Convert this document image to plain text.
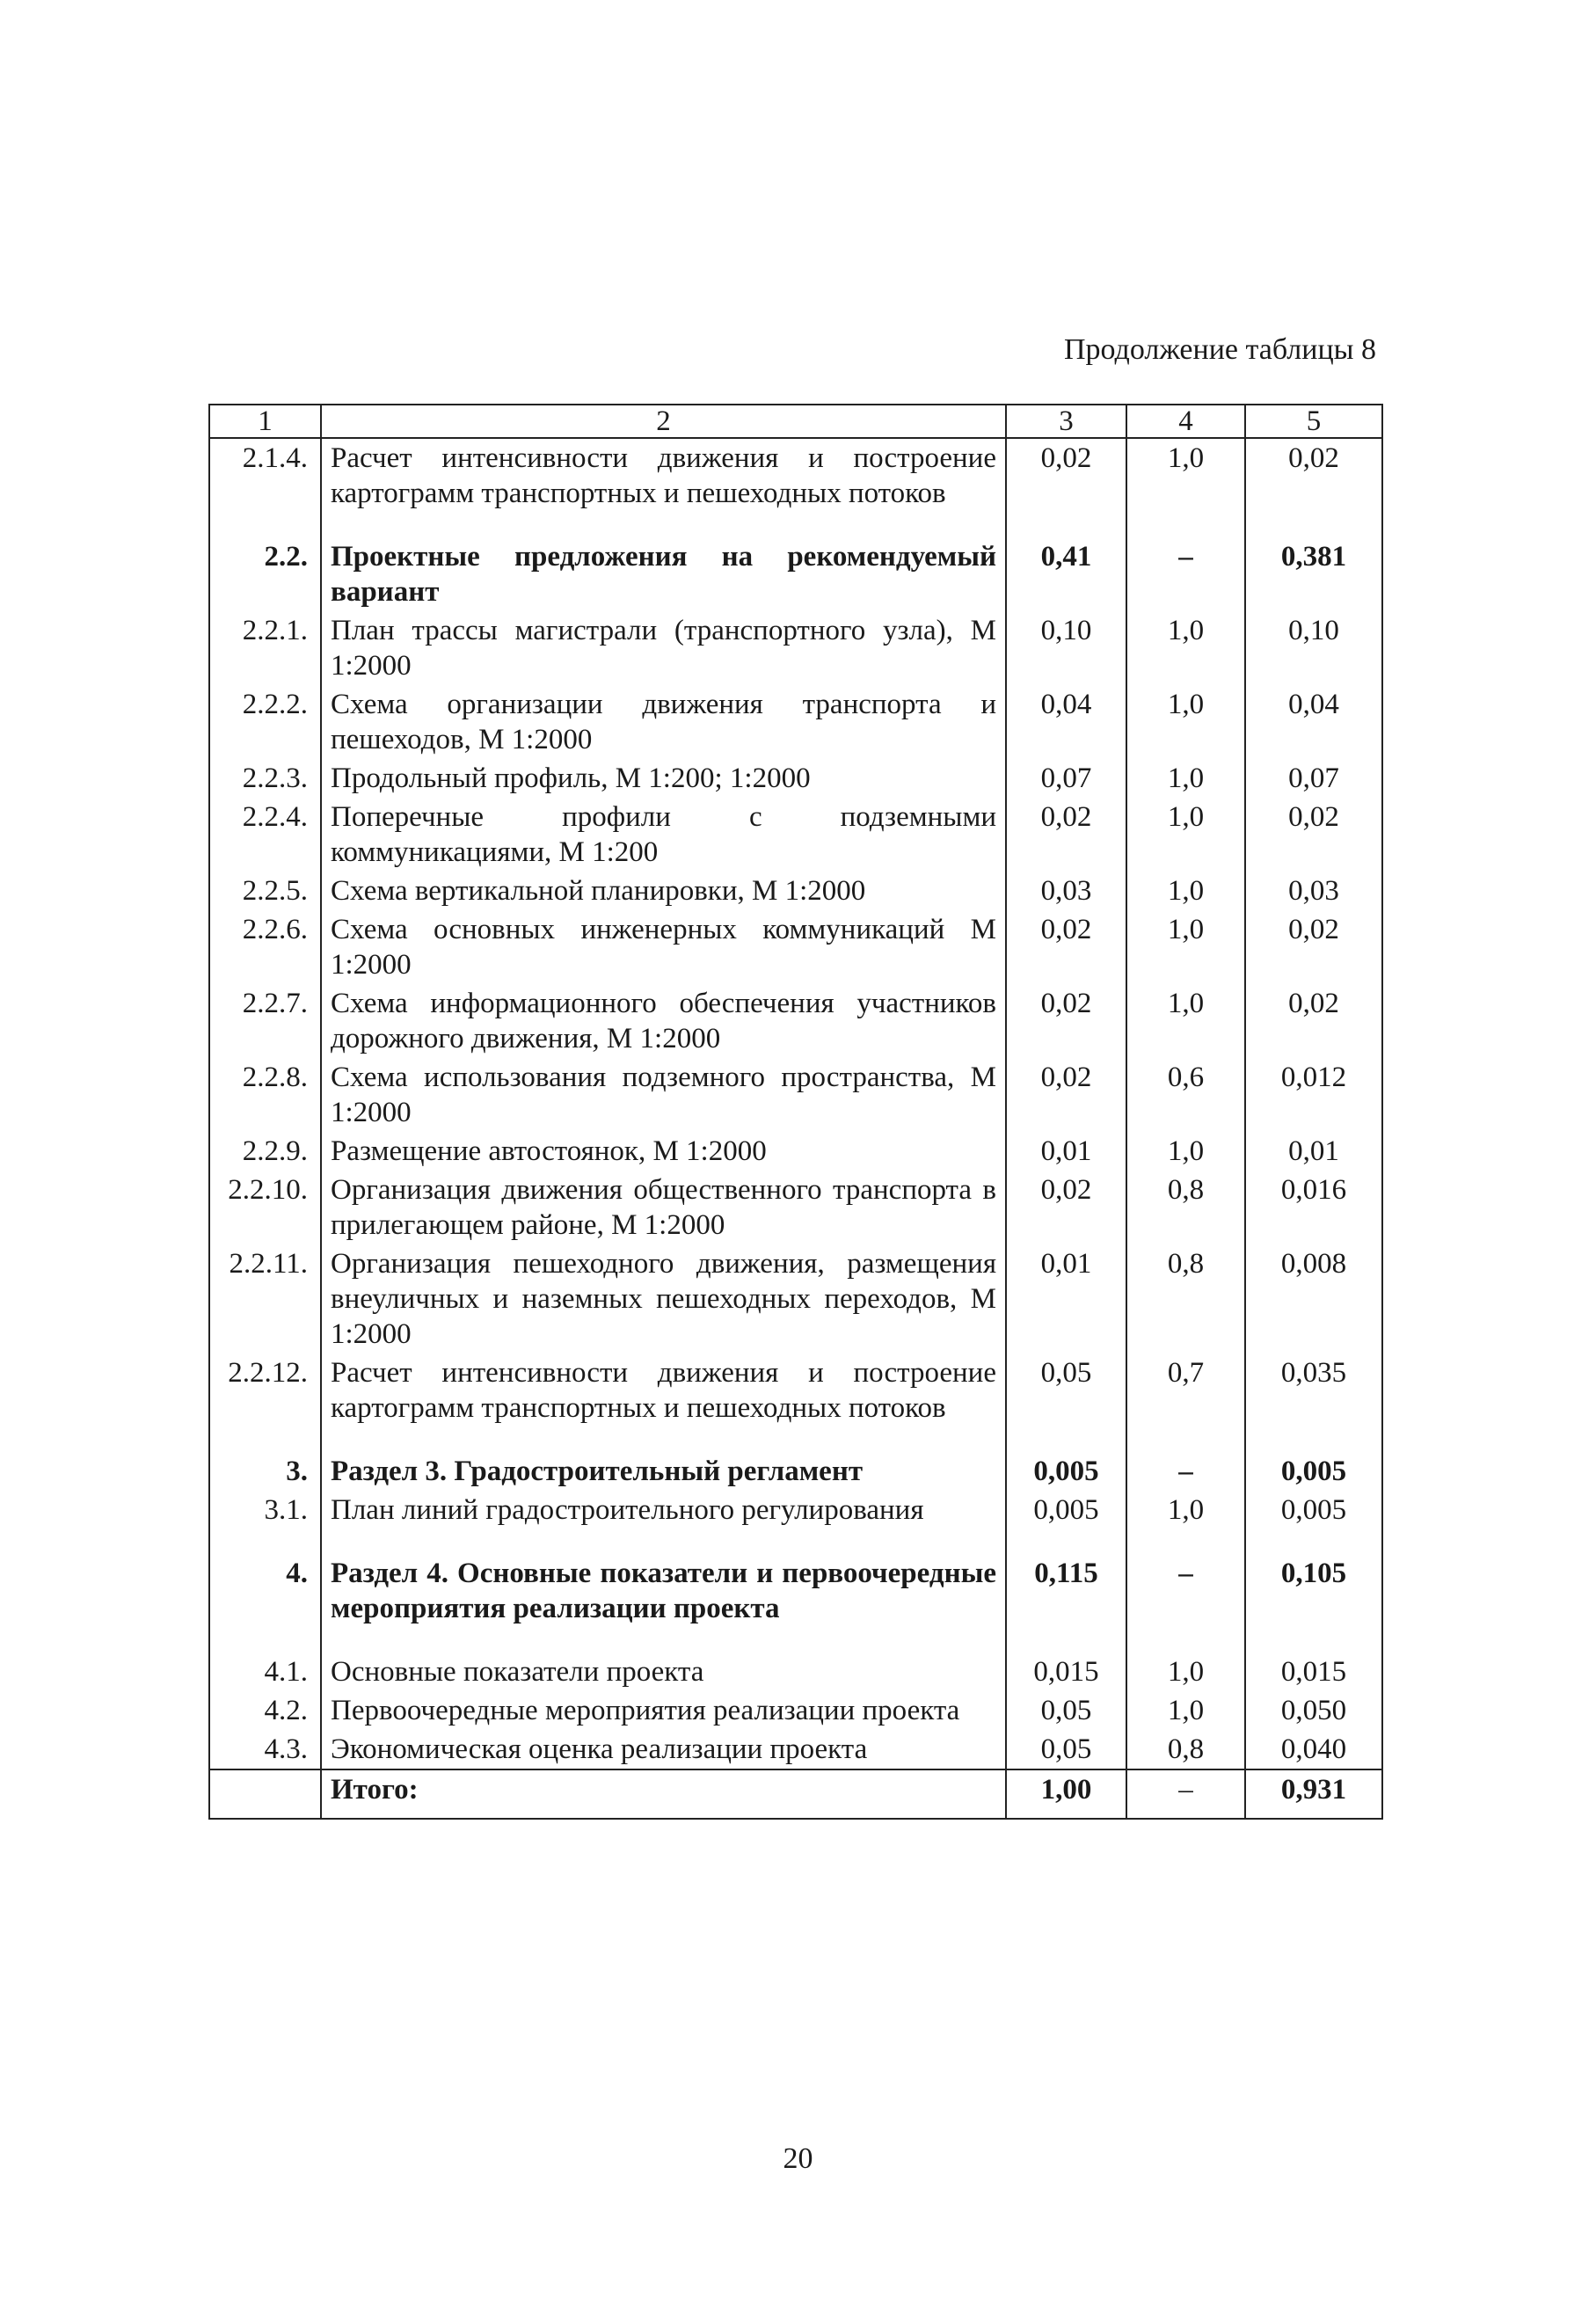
Продолжение таблицы 8
1	2	3	4	5
2.1.4.	Расчет интенсивности движения и построение картограмм транспортных и пешеходных потоков	0,02	1,0	0,02
2.2.	Проектные предложения на рекомендуемый вариант	0,41	–	0,381
2.2.1.	План трассы магистрали (транспортного узла), М 1:2000	0,10	1,0	0,10
2.2.2.	Схема организации движения транспорта и пешеходов, М 1:2000	0,04	1,0	0,04
2.2.3.	Продольный профиль, М 1:200; 1:2000	0,07	1,0	0,07
2.2.4.	Поперечные профили с подземными коммуникациями, М 1:200	0,02	1,0	0,02
2.2.5.	Схема вертикальной планировки, М 1:2000	0,03	1,0	0,03
2.2.6.	Схема основных инженерных коммуникаций М 1:2000	0,02	1,0	0,02
2.2.7.	Схема информационного обеспечения участников дорожного движения, М 1:2000	0,02	1,0	0,02
2.2.8.	Схема использования подземного пространства, М 1:2000	0,02	0,6	0,012
2.2.9.	Размещение автостоянок, М 1:2000	0,01	1,0	0,01
2.2.10.	Организация движения общественного транспорта в прилегающем районе, М 1:2000	0,02	0,8	0,016
2.2.11.	Организация пешеходного движения, размещения внеуличных и наземных пешеходных переходов, М 1:2000	0,01	0,8	0,008
2.2.12.	Расчет интенсивности движения и построение картограмм транспортных и пешеходных потоков	0,05	0,7	0,035
3.	Раздел 3. Градостроительный регламент	0,005	–	0,005
3.1.	План линий градостроительного регулирования	0,005	1,0	0,005
4.	Раздел 4. Основные показатели и первоочередные мероприятия реализации проекта	0,115	–	0,105
4.1.	Основные показатели проекта	0,015	1,0	0,015
4.2.	Первоочередные мероприятия реализации проекта	0,05	1,0	0,050
4.3.	Экономическая оценка реализации проекта	0,05	0,8	0,040
	Итого:	1,00	–	0,931
20
